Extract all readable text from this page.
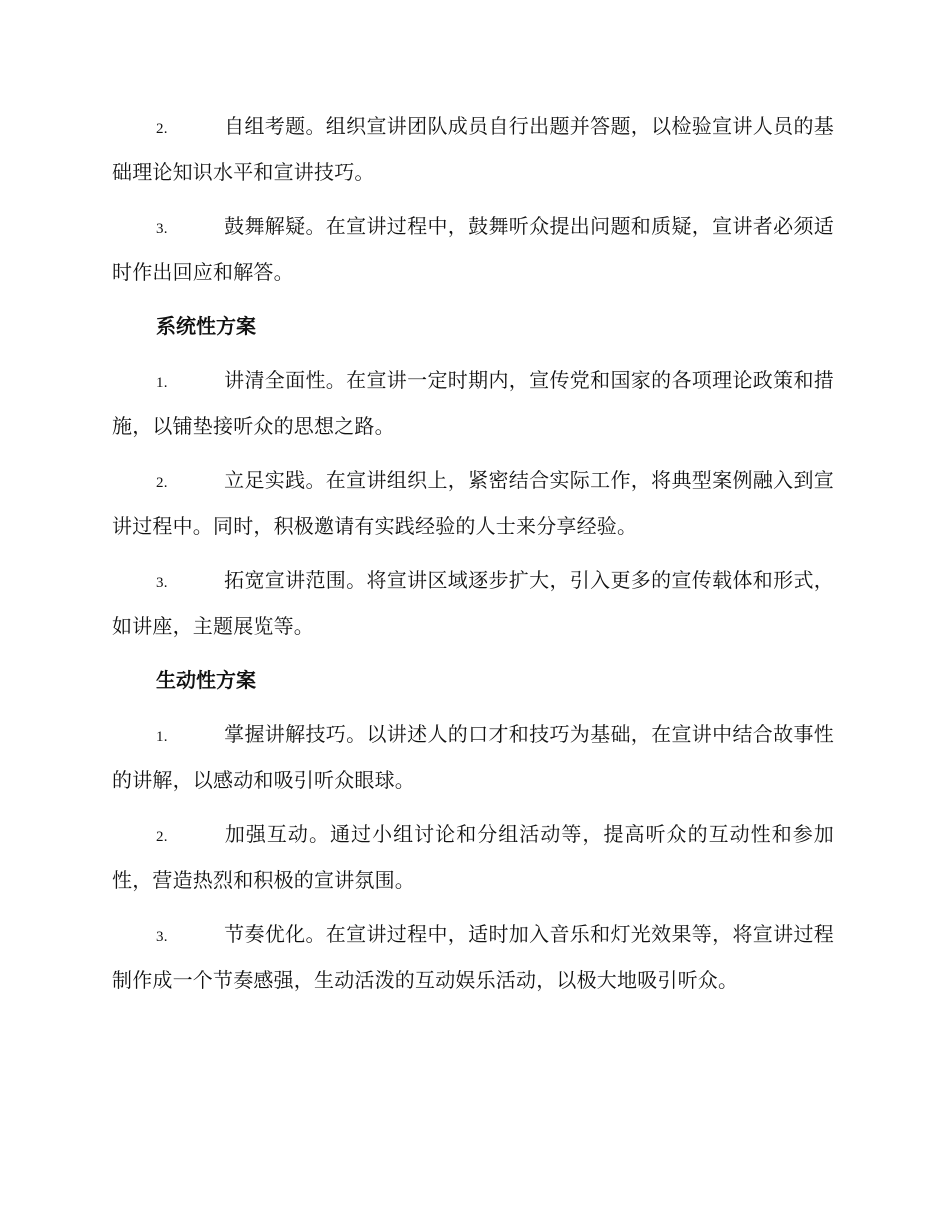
2.	自组考题。组织宣讲团队成员自行出题并答题，以检验宣讲人员的基础理论知识水平和宣讲技巧。

3.	鼓舞解疑。在宣讲过程中，鼓舞听众提出问题和质疑，宣讲者必须适时作出回应和解答。

系统性方案

1.	讲清全面性。在宣讲一定时期内，宣传党和国家的各项理论政策和措施，以铺垫接听众的思想之路。

2.	立足实践。在宣讲组织上，紧密结合实际工作，将典型案例融入到宣讲过程中。同时，积极邀请有实践经验的人士来分享经验。

3.	拓宽宣讲范围。将宣讲区域逐步扩大，引入更多的宣传载体和形式，如讲座，主题展览等。

生动性方案

1.	掌握讲解技巧。以讲述人的口才和技巧为基础，在宣讲中结合故事性的讲解，以感动和吸引听众眼球。

2.	加强互动。通过小组讨论和分组活动等，提高听众的互动性和参加性，营造热烈和积极的宣讲氛围。

3.	节奏优化。在宣讲过程中，适时加入音乐和灯光效果等，将宣讲过程制作成一个节奏感强，生动活泼的互动娱乐活动，以极大地吸引听众。
